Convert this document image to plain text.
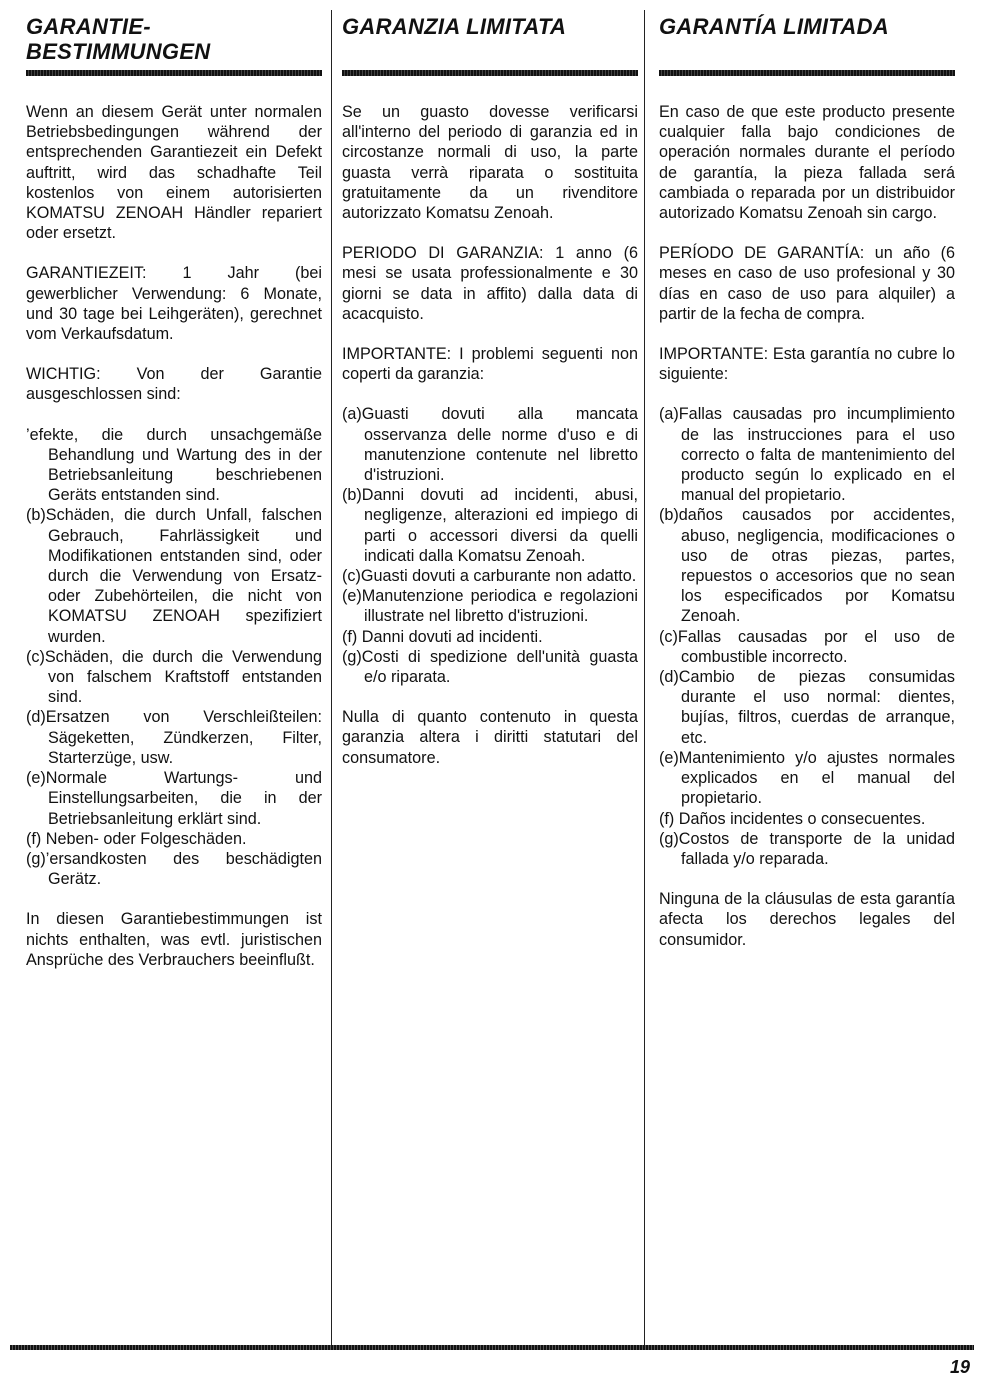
GARANTIE-
BESTIMMUNGEN

Wenn an diesem Gerät unter normalen Betriebsbedingungen während der entsprechenden Garantiezeit ein Defekt auftritt, wird das schadhafte Teil kostenlos von einem autorisierten KOMATSU ZENOAH Händler repariert oder ersetzt.

GARANTIEZEIT: 1 Jahr (bei gewerblicher Verwendung: 6 Monate, und 30 tage bei Leihgeräten), gerechnet vom Verkaufsdatum.

WICHTIG: Von der Garantie ausgeschlossen sind:

’efekte, die durch unsachgemäße Behandlung und Wartung des in der Betriebsanleitung beschriebenen Geräts entstanden sind.
(b)Schäden, die durch Unfall, falschen Gebrauch, Fahrlässigkeit und Modifikationen entstanden sind, oder durch die Verwendung von Ersatz- oder Zubehörteilen, die nicht von KOMATSU ZENOAH spezifiziert wurden.
(c)Schäden, die durch die Verwendung von falschem Kraftstoff entstanden sind.
(d)Ersatzen von Verschleißteilen: Sägeketten, Zündkerzen, Filter, Starterzüge, usw.
(e)Normale Wartungs- und Einstellungsarbeiten, die in der Betriebsanleitung erklärt sind.
(f) Neben- oder Folgeschäden.
(g)’ersandkosten des beschädigten Gerätz.

In diesen Garantiebestimmungen ist nichts enthalten, was evtl. juristischen Ansprüche des Verbrauchers beeinflußt.

GARANZIA LIMITATA

Se un guasto dovesse verificarsi all'interno del periodo di garanzia ed in circostanze normali di uso, la parte guasta verrà riparata o sostituita gratuitamente da un rivenditore autorizzato Komatsu Zenoah.

PERIODO DI GARANZIA: 1 anno (6 mesi se usata professionalmente e 30 giorni se data in affito) dalla data di acacquisto.

IMPORTANTE: I problemi seguenti non coperti da garanzia:

(a)Guasti dovuti alla mancata osservanza delle norme d'uso e di manutenzione contenute nel libretto d'istruzioni.
(b)Danni dovuti ad incidenti, abusi, negligenze, alterazioni ed impiego di parti o accessori diversi da quelli indicati dalla Komatsu Zenoah.
(c)Guasti dovuti a carburante non adatto.
(e)Manutenzione periodica e regolazioni illustrate nel libretto d'istruzioni.
(f) Danni dovuti ad incidenti.
(g)Costi di spedizione dell'unità guasta e/o riparata.

Nulla di quanto contenuto in questa garanzia altera i diritti statutari del consumatore.

GARANTÍA LIMITADA

En caso de que este producto presente cualquier falla bajo condiciones de operación normales durante el período de garantía, la pieza fallada será cambiada o reparada por un distribuidor autorizado Komatsu Zenoah sin cargo.

PERÍODO DE GARANTÍA: un año (6 meses en caso de uso profesional y 30 días en caso de uso para alquiler) a partir de la fecha de compra.

IMPORTANTE: Esta garantía no cubre lo siguiente:

(a)Fallas causadas pro incumplimiento de las instrucciones para el uso correcto o falta de mantenimiento del producto según lo explicado en el manual del propietario.
(b)daños causados por accidentes, abuso, negligencia, modificaciones o uso de otras piezas, partes, repuestos o accesorios que no sean los especificados por Komatsu Zenoah.
(c)Fallas causadas por el uso de combustible incorrecto.
(d)Cambio de piezas consumidas durante el uso normal: dientes, bujías, filtros, cuerdas de arranque, etc.
(e)Mantenimiento y/o ajustes normales explicados en el manual del propietario.
(f) Daños incidentes o consecuentes.
(g)Costos de transporte de la unidad fallada y/o reparada.

Ninguna de la cláusulas de esta garantía afecta los derechos legales del consumidor.

19
